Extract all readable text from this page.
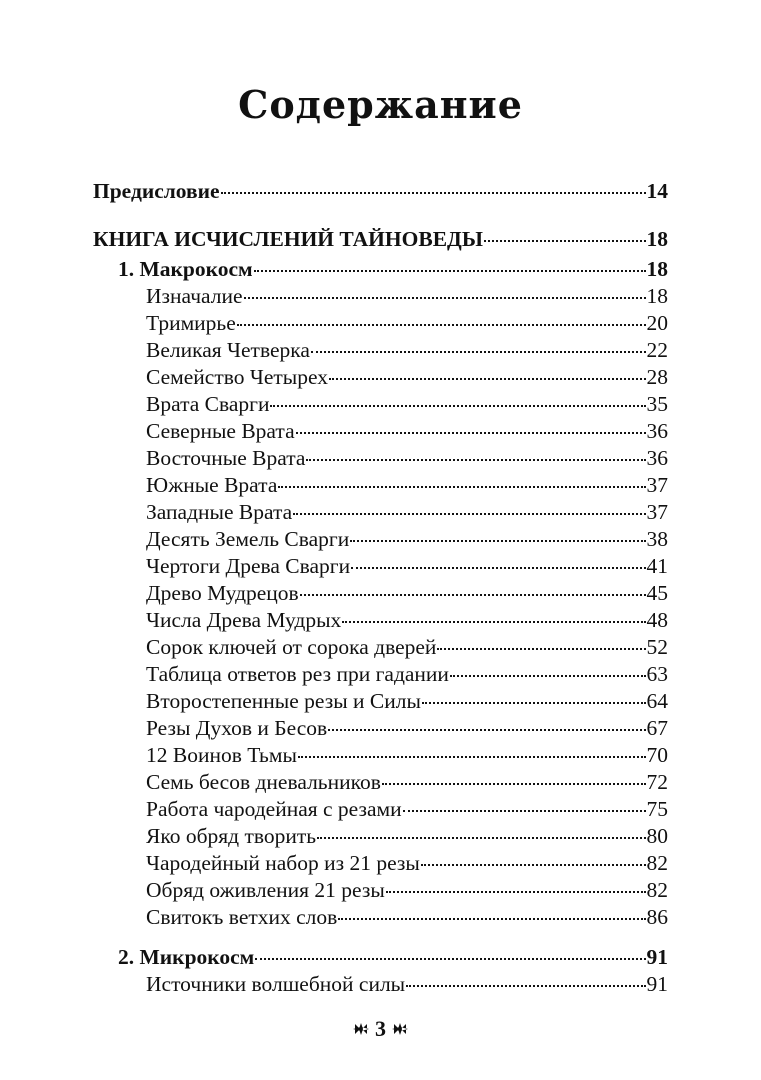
Содержание
Предисловие	14
КНИГА ИСЧИСЛЕНИЙ ТАЙНОВЕДЫ	18
1. Макрокосм	18
Изначалие	18
Тримирье	20
Великая Четверка	22
Семейство Четырех	28
Врата Сварги	35
Северные Врата	36
Восточные Врата	36
Южные Врата	37
Западные Врата	37
Десять Земель Сварги	38
Чертоги Древа Сварги	41
Древо Мудрецов	45
Числа Древа Мудрых	48
Сорок ключей от сорока дверей	52
Таблица ответов рез при гадании	63
Второстепенные резы и Силы	64
Резы Духов и Бесов	67
12 Воинов Тьмы	70
Семь бесов дневальников	72
Работа чародейная с резами	75
Яко обряд творить	80
Чародейный набор из 21 резы	82
Обряд оживления 21 резы	82
Свитокъ ветхих слов	86
2. Микрокосм	91
Источники волшебной силы	91
3
